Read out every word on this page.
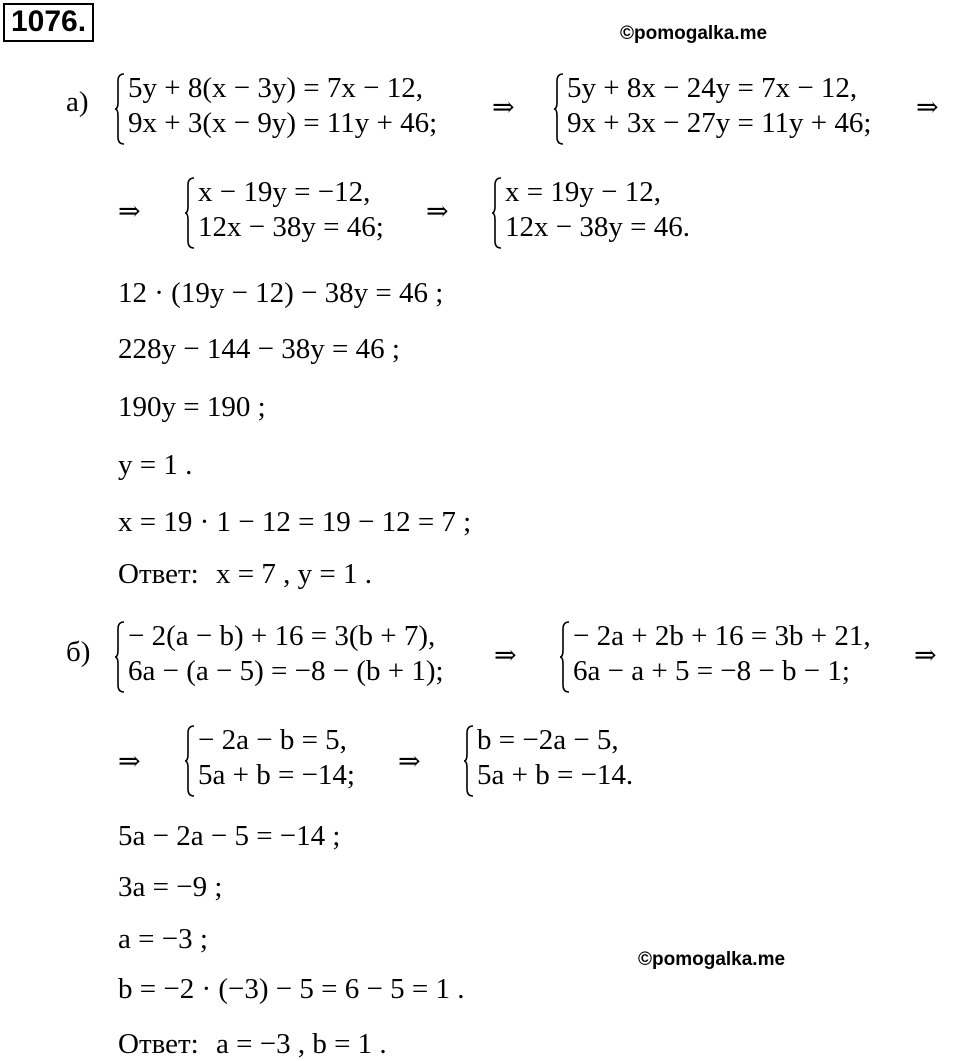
1076.	©pomogalka.me
а) 5y + 8(x − 3y) = 7x − 12,
9x + 3(x − 9y) = 11y + 46; ⇒
5y + 8x − 24y = 7x − 12,
9x + 3x − 27y = 11y + 46; ⇒
⇒
x − 19y = −12,
12x − 38y = 46; ⇒
x = 19y − 12,
12x − 38y = 46.
12 · (19y − 12) − 38y = 46 ;
228y − 144 − 38y = 46 ;
190y = 190 ;
y = 1 .
x = 19 · 1 − 12 = 19 − 12 = 7 ;
Ответ: x = 7 , y = 1 .
б) − 2(a − b) + 16 = 3(b + 7),
6a − (a − 5) = −8 − (b + 1); ⇒
− 2a + 2b + 16 = 3b + 21,
6a − a + 5 = −8 − b − 1; ⇒
⇒
− 2a − b = 5,
5a + b = −14; ⇒
b = −2a − 5,
5a + b = −14.
5a − 2a − 5 = −14 ;
3a = −9 ;
a = −3 ;
©pomogalka.me
b = −2 · (−3) − 5 = 6 − 5 = 1 .
Ответ: a = −3 , b = 1 .
